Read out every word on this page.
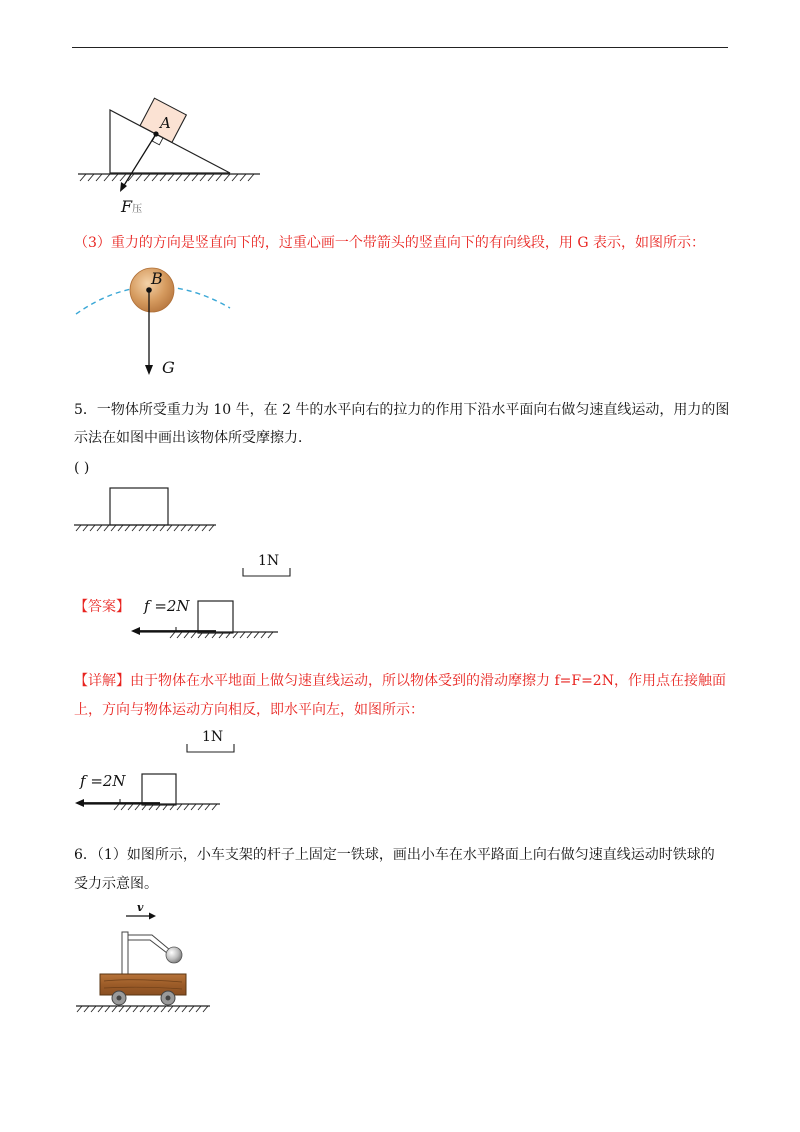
A
F压
（3）重力的方向是竖直向下的，过重心画一个带箭头的竖直向下的有向线段，用 G 表示，如图所示：
B
G
5．一物体所受重力为 10 牛，在 2 牛的水平向右的拉力的作用下沿水平面向右做匀速直线运动，用力的图
示法在如图中画出该物体所受摩擦力．
( )
1N
【答案】 f =2N
【详解】由于物体在水平地面上做匀速直线运动，所以物体受到的滑动摩擦力 f=F=2N，作用点在接触面
上，方向与物体运动方向相反，即水平向左，如图所示：
1N
f =2N
6．（1）如图所示，小车支架的杆子上固定一铁球，画出小车在水平路面上向右做匀速直线运动时铁球的
受力示意图。
v
